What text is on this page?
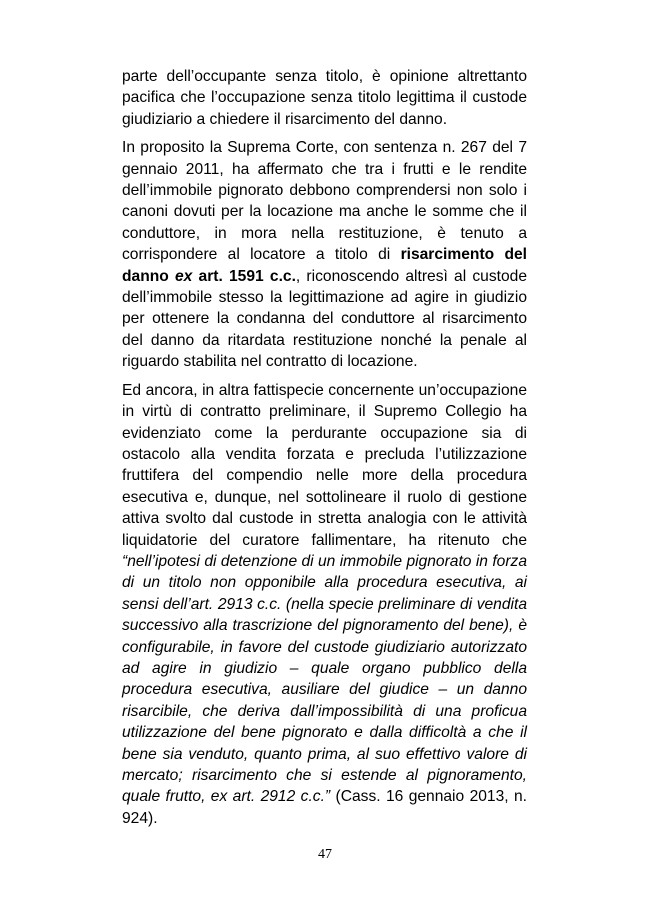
parte dell’occupante senza titolo, è opinione altrettanto pacifica che l’occupazione senza titolo legittima il custode giudiziario a chiedere il risarcimento del danno.

In proposito la Suprema Corte, con sentenza n. 267 del 7 gennaio 2011, ha affermato che tra i frutti e le rendite dell’immobile pignorato debbono comprendersi non solo i canoni dovuti per la locazione ma anche le somme che il conduttore, in mora nella restituzione, è tenuto a corrispondere al locatore a titolo di risarcimento del danno ex art. 1591 c.c., riconoscendo altresì al custode dell’immobile stesso la legittimazione ad agire in giudizio per ottenere la condanna del conduttore al risarcimento del danno da ritardata restituzione nonché la penale al riguardo stabilita nel contratto di locazione.

Ed ancora, in altra fattispecie concernente un’occupazione in virtù di contratto preliminare, il Supremo Collegio ha evidenziato come la perdurante occupazione sia di ostacolo alla vendita forzata e precluda l’utilizzazione fruttifera del compendio nelle more della procedura esecutiva e, dunque, nel sottolineare il ruolo di gestione attiva svolto dal custode in stretta analogia con le attività liquidatorie del curatore fallimentare, ha ritenuto che “nell’ipotesi di detenzione di un immobile pignorato in forza di un titolo non opponibile alla procedura esecutiva, ai sensi dell’art. 2913 c.c. (nella specie preliminare di vendita successivo alla trascrizione del pignoramento del bene), è configurabile, in favore del custode giudiziario autorizzato ad agire in giudizio – quale organo pubblico della procedura esecutiva, ausiliare del giudice – un danno risarcibile, che deriva dall’impossibilità di una proficua utilizzazione del bene pignorato e dalla difficoltà a che il bene sia venduto, quanto prima, al suo effettivo valore di mercato; risarcimento che si estende al pignoramento, quale frutto, ex art. 2912 c.c.” (Cass. 16 gennaio 2013, n. 924).

47
